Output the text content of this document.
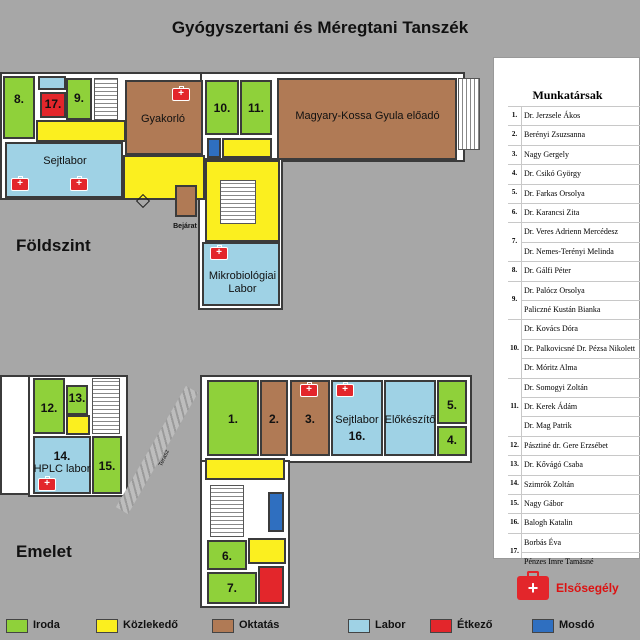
Gyógyszertani és Méregtani Tanszék
8.	17.	9.
+
Sejtlabor
+
+
Gyakorló
+
Bejárat
10.	11.
Magyary-Kossa Gyula előadó
Mikrobiológiai Labor
+
Földszint
Terasz
12.
13.
14.
HPLC labor
+ 15.
1.	2.	3.
+	Sejtlabor
16.
+
Előkészítő
5.
4.
6.
7.
Emelet
Munkatársak
1. Dr. Jerzsele Ákos
2. Berényi Zsuzsanna
3. Nagy Gergely
4. Dr. Csikó György
5. Dr. Farkas Orsolya
6. Dr. Karancsi Zita
7.
Dr. Veres Adrienn Mercédesz
Dr. Nemes-Terényi Melinda
8. Dr. Gálfi Péter
9.
Dr. Palócz Orsolya
Paliczné Kustán Bianka
10.
Dr. Kovács Dóra
Dr. Palkovicsné Dr. Pézsa Nikolett
Dr. Móritz Alma
11.
Dr. Somogyi Zoltán
Dr. Kerek Ádám
Dr. Mag Patrik
12. Pásztiné dr. Gere Erzsébet
13. Dr. Kővágó Csaba
14. Szimrók Zoltán
15. Nagy Gábor
16. Balogh Katalin
17.
Borbás Éva
Pénzes Imre Tamásné
+
Elsősegély
Iroda	Közlekedő	Oktatás	Labor	Étkező	Mosdó
